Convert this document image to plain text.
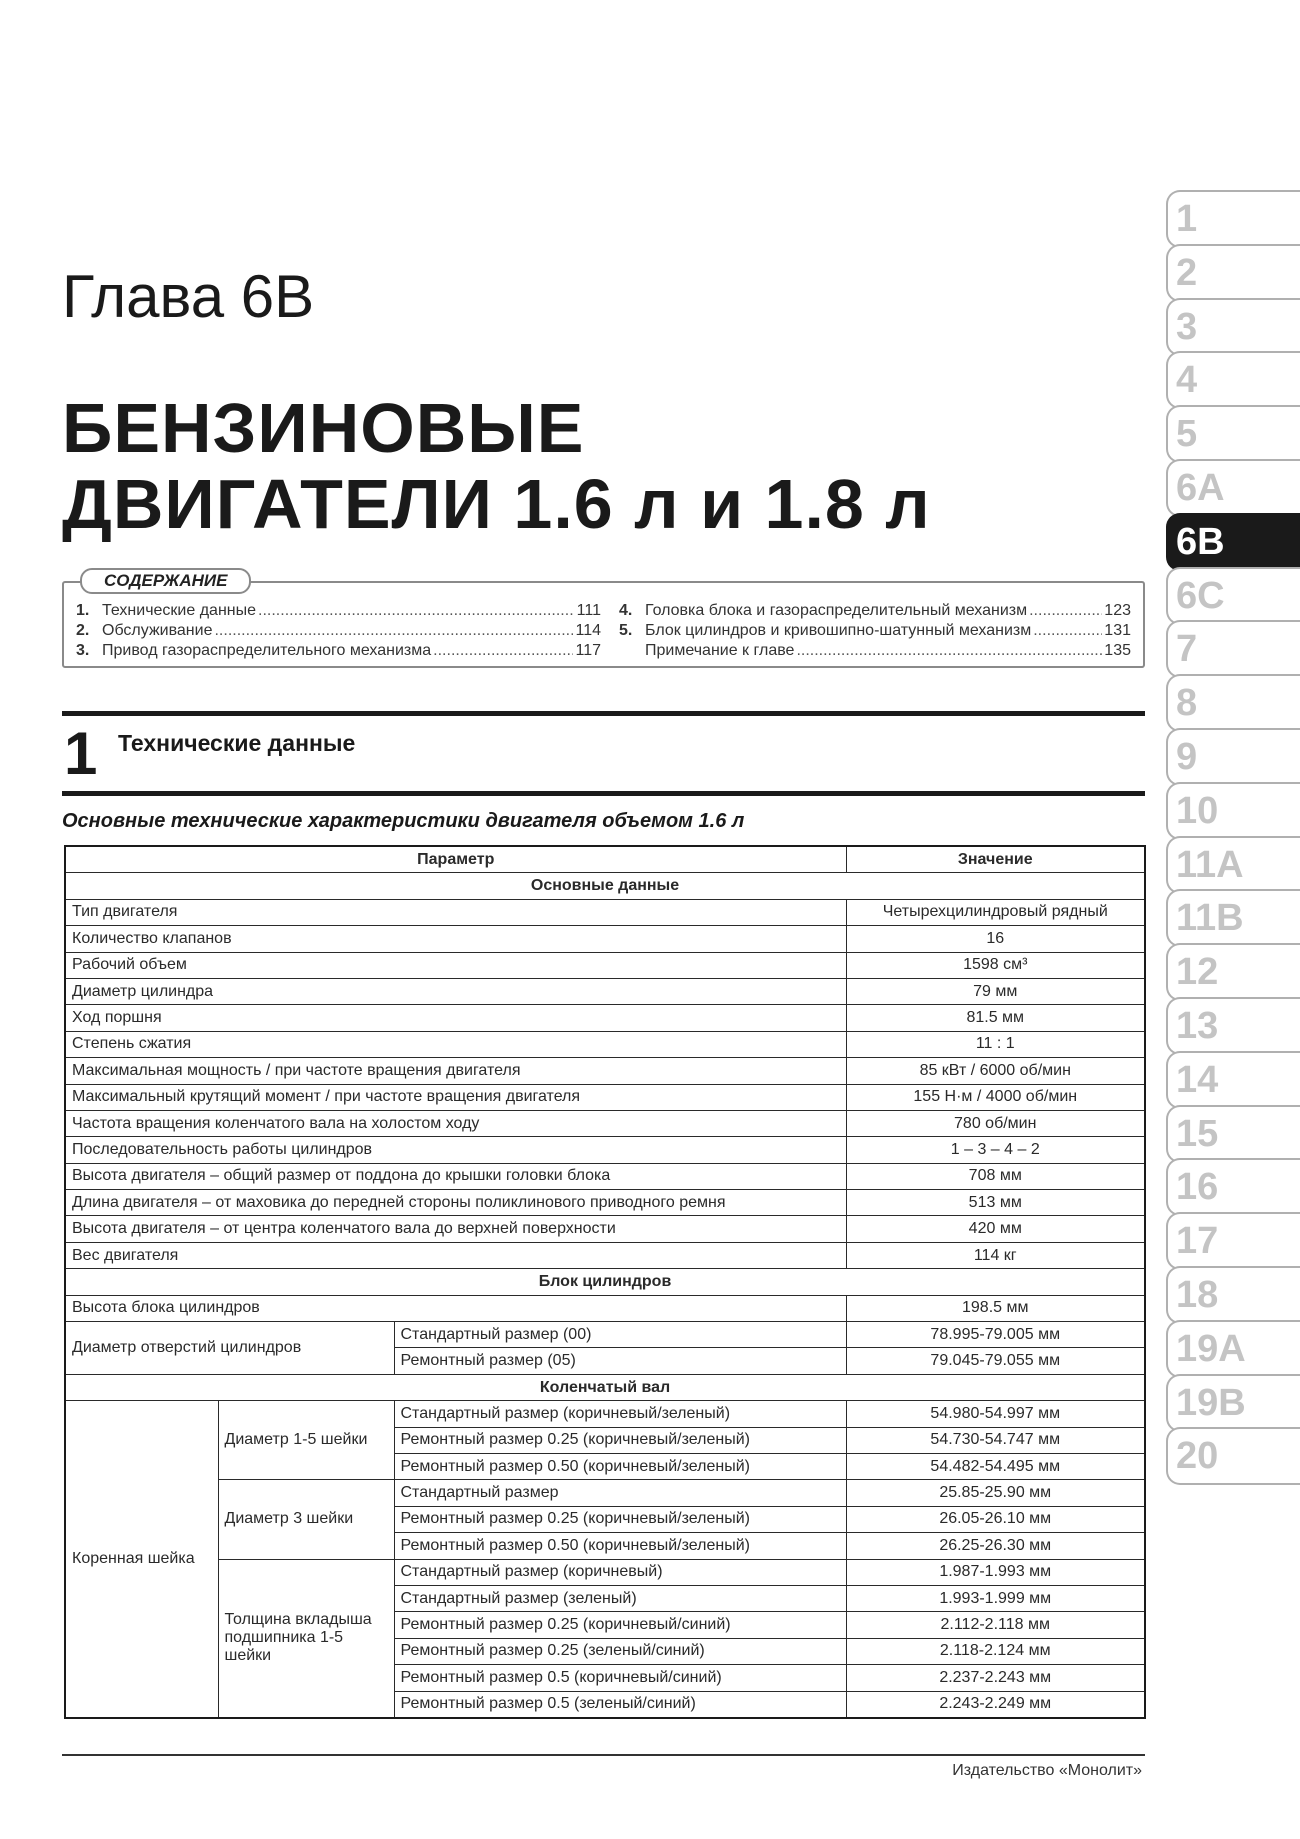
Глава 6В
БЕНЗИНОВЫЕ
ДВИГАТЕЛИ 1.6 л и 1.8 л
СОДЕРЖАНИЕ
1. Технические данные .....	111
2. Обслуживание .....	114
3. Привод газораспределительного механизма .....	117
4. Головка блока и газораспределительный механизм .....	123
5. Блок цилиндров и кривошипно-шатунный механизм .....	131
Примечание к главе .....	135
1 Технические данные
Основные технические характеристики двигателя объемом 1.6 л
Параметр			Значение
Основные данные			
Тип двигателя			Четырехцилиндровый рядный
Количество клапанов			16
Рабочий объем			1598 см³
Диаметр цилиндра			79 мм
Ход поршня			81.5 мм
Степень сжатия			11 : 1
Максимальная мощность / при частоте вращения двигателя			85 кВт / 6000 об/мин
Максимальный крутящий момент / при частоте вращения двигателя			155 Н·м / 4000 об/мин
Частота вращения коленчатого вала на холостом ходу			780 об/мин
Последовательность работы цилиндров			1 – 3 – 4 – 2
Высота двигателя – общий размер от поддона до крышки головки блока			708 мм
Длина двигателя – от маховика до передней стороны поликлинового приводного ремня			513 мм
Высота двигателя – от центра коленчатого вала до верхней поверхности			420 мм
Вес двигателя			114 кг
Блок цилиндров			
Высота блока цилиндров			198.5 мм
Диаметр отверстий цилиндров		Стандартный размер (00)	78.995-79.005 мм
		Ремонтный размер (05)	79.045-79.055 мм
Коленчатый вал			
Коренная шейка	Диаметр 1-5 шейки	Стандартный размер (коричневый/зеленый)	54.980-54.997 мм
		Ремонтный размер 0.25 (коричневый/зеленый)	54.730-54.747 мм
		Ремонтный размер 0.50 (коричневый/зеленый)	54.482-54.495 мм
	Диаметр 3 шейки	Стандартный размер	25.85-25.90 мм
		Ремонтный размер 0.25 (коричневый/зеленый)	26.05-26.10 мм
		Ремонтный размер 0.50 (коричневый/зеленый)	26.25-26.30 мм
	Толщина вкладыша подшипника 1-5 шейки	Стандартный размер (коричневый)	1.987-1.993 мм
		Стандартный размер (зеленый)	1.993-1.999 мм
		Ремонтный размер 0.25 (коричневый/синий)	2.112-2.118 мм
		Ремонтный размер 0.25 (зеленый/синий)	2.118-2.124 мм
		Ремонтный размер 0.5 (коричневый/синий)	2.237-2.243 мм
		Ремонтный размер 0.5 (зеленый/синий)	2.243-2.249 мм
1
2
3
4
5
6A
6B
6C
7
8
9
10
11A
11B
12
13
14
15
16
17
18
19A
19B
20
Издательство «Монолит»
